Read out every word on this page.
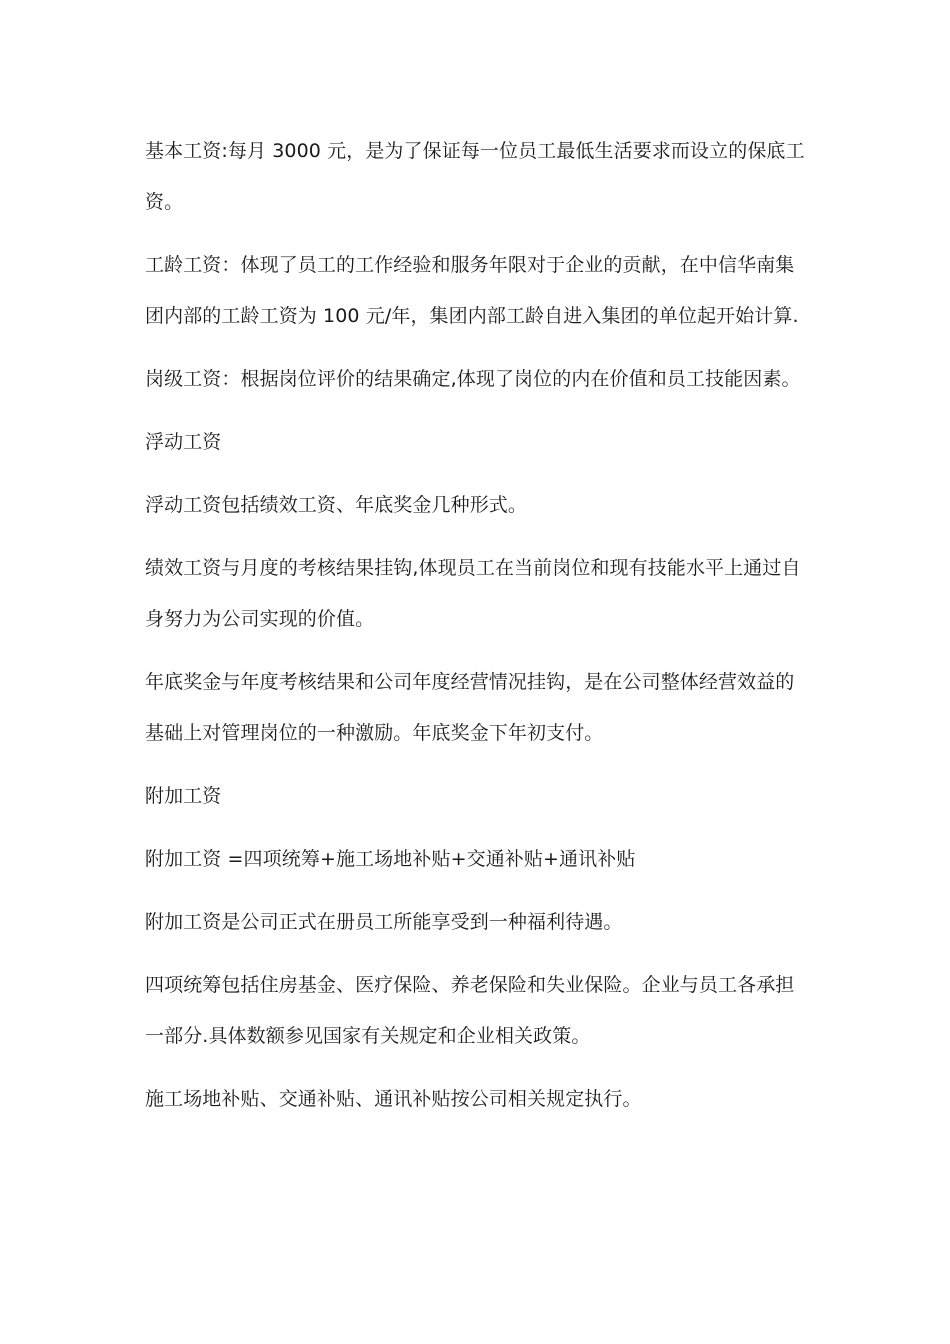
基本工资:每月 3000 元，是为了保证每一位员工最低生活要求而设立的保底工资。

工龄工资：体现了员工的工作经验和服务年限对于企业的贡献，在中信华南集团内部的工龄工资为 100 元/年，集团内部工龄自进入集团的单位起开始计算.

岗级工资：根据岗位评价的结果确定,体现了岗位的内在价值和员工技能因素。

浮动工资

浮动工资包括绩效工资、年底奖金几种形式。

绩效工资与月度的考核结果挂钩,体现员工在当前岗位和现有技能水平上通过自身努力为公司实现的价值。

年底奖金与年度考核结果和公司年度经营情况挂钩，是在公司整体经营效益的基础上对管理岗位的一种激励。年底奖金下年初支付。

附加工资

附加工资 =四项统筹+施工场地补贴+交通补贴+通讯补贴

附加工资是公司正式在册员工所能享受到一种福利待遇。

四项统筹包括住房基金、医疗保险、养老保险和失业保险。企业与员工各承担一部分.具体数额参见国家有关规定和企业相关政策。

施工场地补贴、交通补贴、通讯补贴按公司相关规定执行。
